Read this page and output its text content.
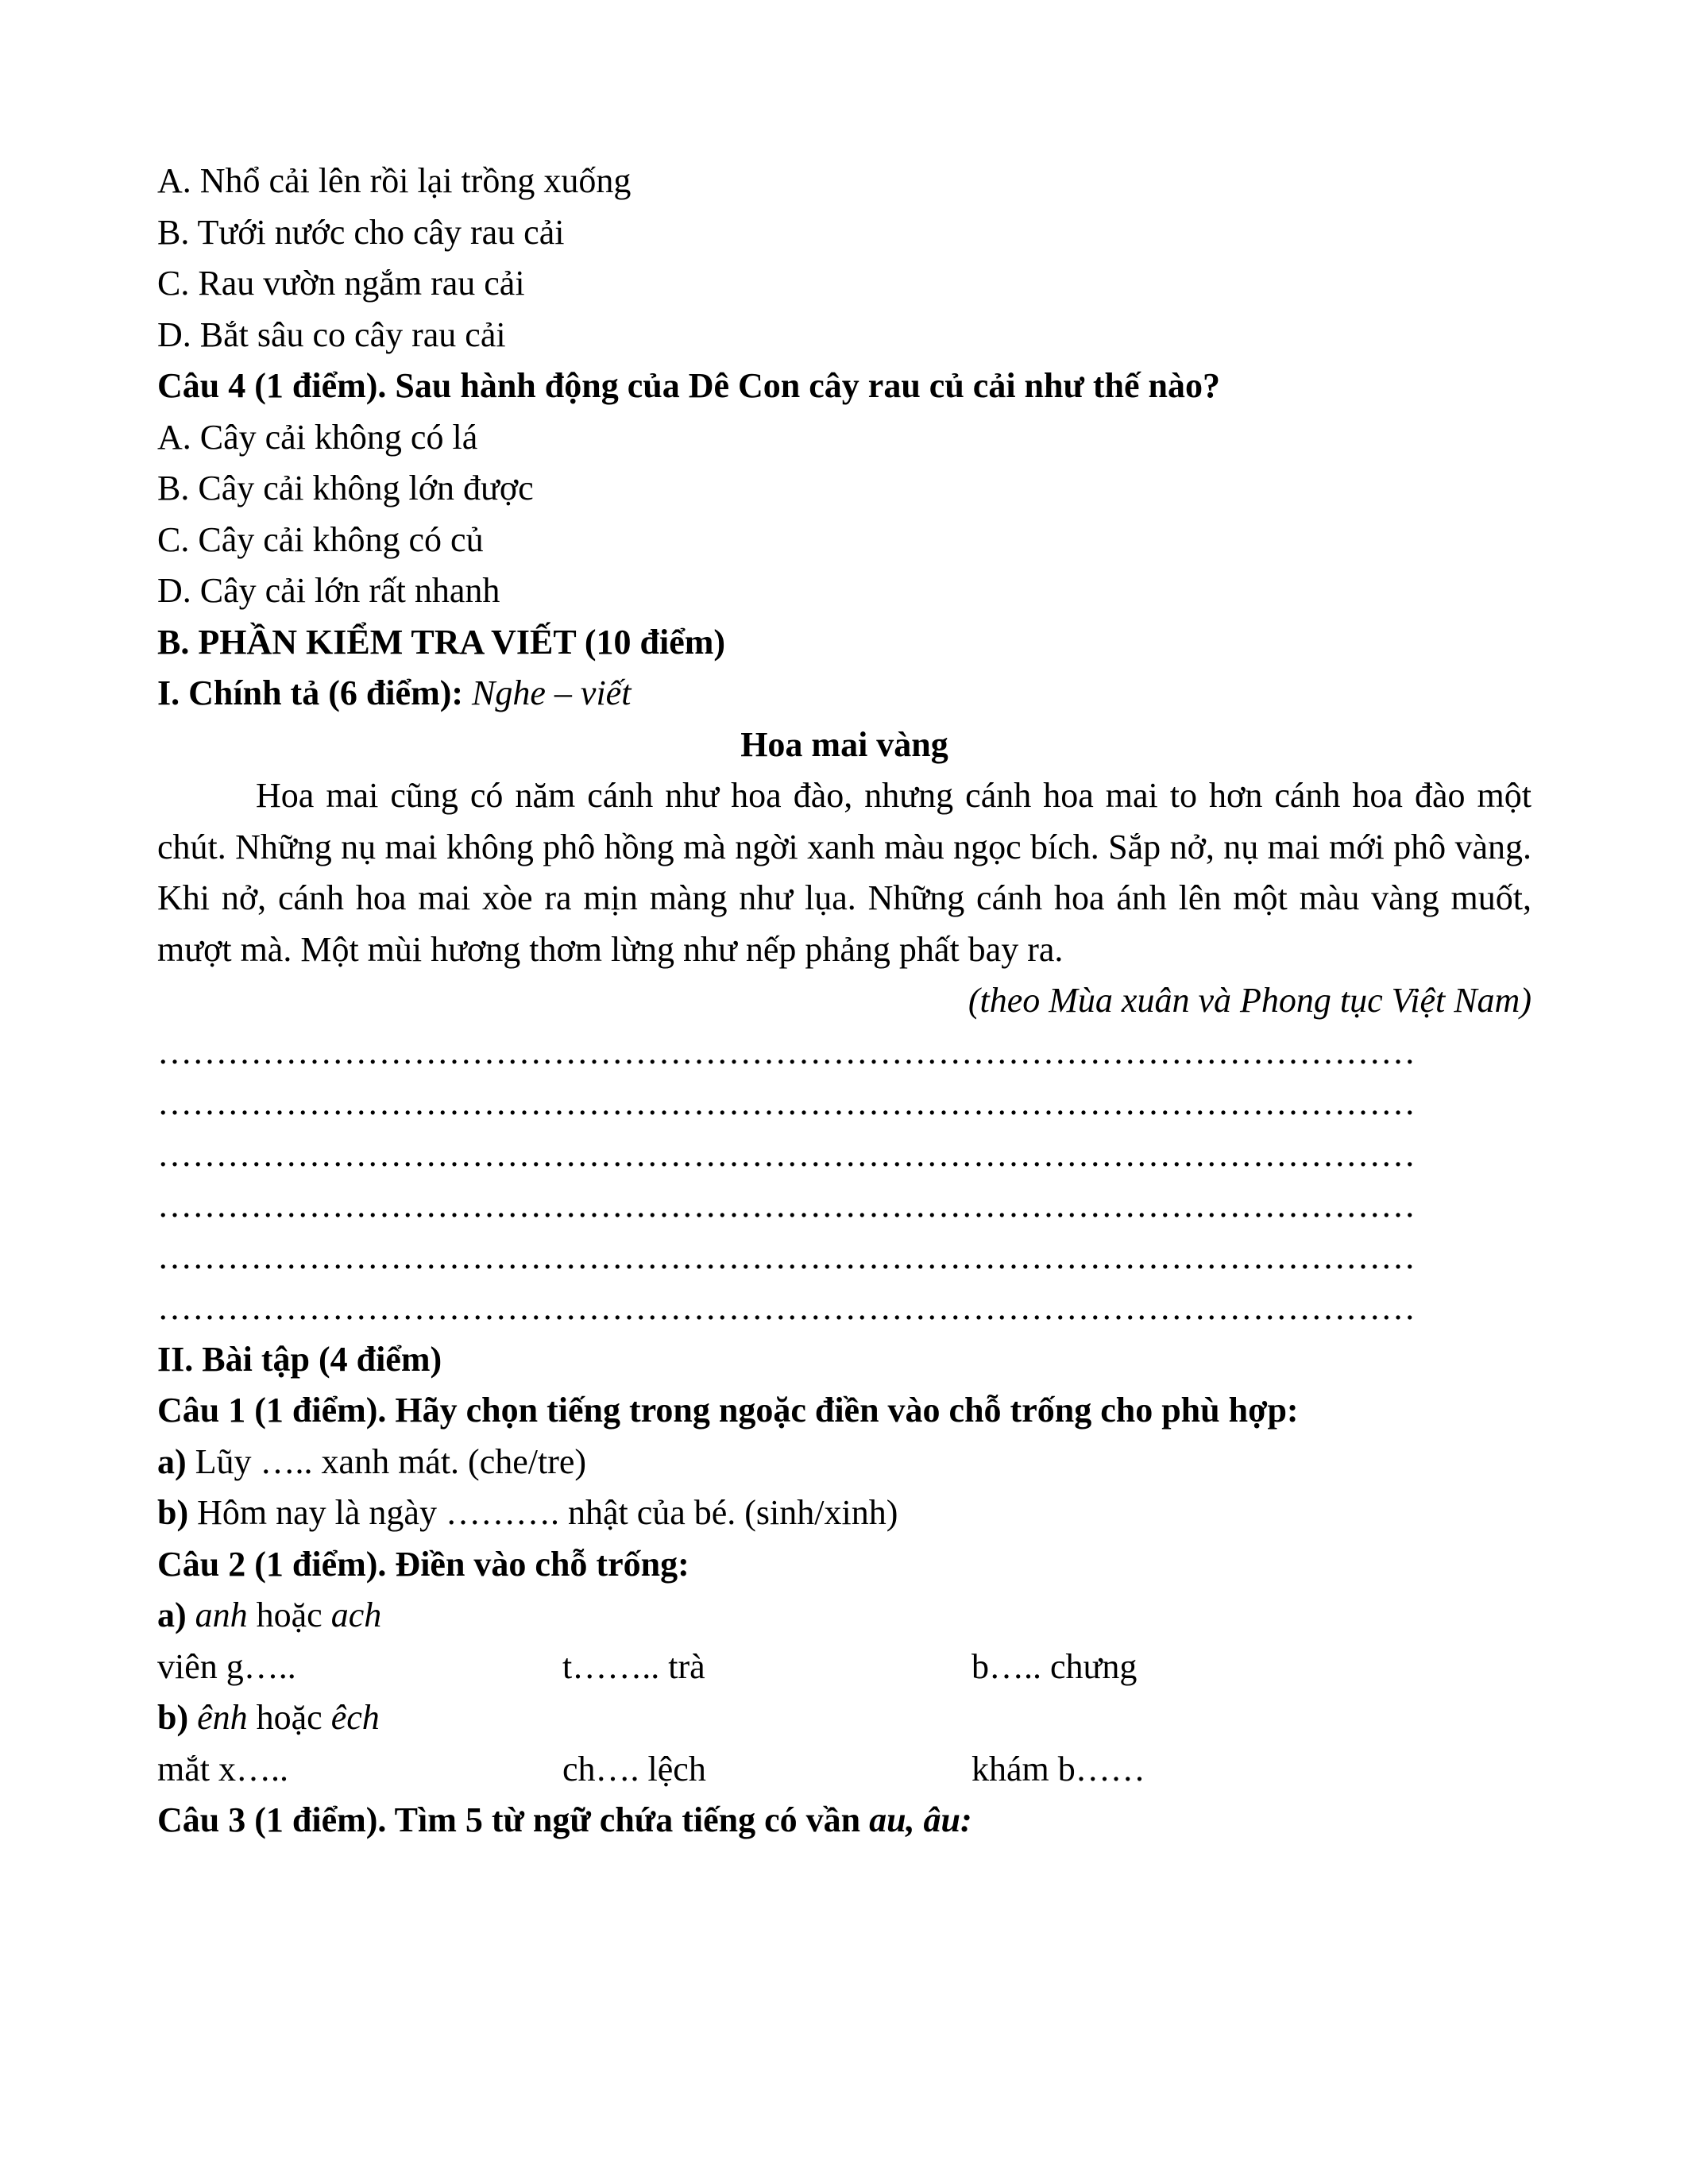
A. Nhổ cải lên rồi lại trồng xuống
B. Tưới nước cho cây rau cải
C. Rau vườn ngắm rau cải
D. Bắt sâu co cây rau cải
Câu 4 (1 điểm). Sau hành động của Dê Con cây rau củ cải như thế nào?
A. Cây cải không có lá
B. Cây cải không lớn được
C. Cây cải không có củ
D. Cây cải lớn rất nhanh
B. PHẦN KIỂM TRA VIẾT (10 điểm)
I. Chính tả (6 điểm): Nghe – viết
Hoa mai vàng
Hoa mai cũng có năm cánh như hoa đào, nhưng cánh hoa mai to hơn cánh hoa đào một chút. Những nụ mai không phô hồng mà ngời xanh màu ngọc bích. Sắp nở, nụ mai mới phô vàng. Khi nở, cánh hoa mai xòe ra mịn màng như lụa. Những cánh hoa ánh lên một màu vàng muốt, mượt mà. Một mùi hương thơm lừng như nếp phảng phất bay ra.
(theo Mùa xuân và Phong tục Việt Nam)
………………………………………………………………………………………………
………………………………………………………………………………………………
………………………………………………………………………………………………
………………………………………………………………………………………………
………………………………………………………………………………………………
………………………………………………………………………………………………
II. Bài tập (4 điểm)
Câu 1 (1 điểm). Hãy chọn tiếng trong ngoặc điền vào chỗ trống cho phù hợp:
a) Lũy ….. xanh mát. (che/tre)
b) Hôm nay là ngày ………. nhật của bé. (sinh/xinh)
Câu 2 (1 điểm). Điền vào chỗ trống:
a) anh hoặc ach
viên g…..	t…….. trà	b….. chưng
b) ênh hoặc êch
mắt x…..	ch…. lệch	khám b……
Câu 3 (1 điểm). Tìm 5 từ ngữ chứa tiếng có vần au, âu:
